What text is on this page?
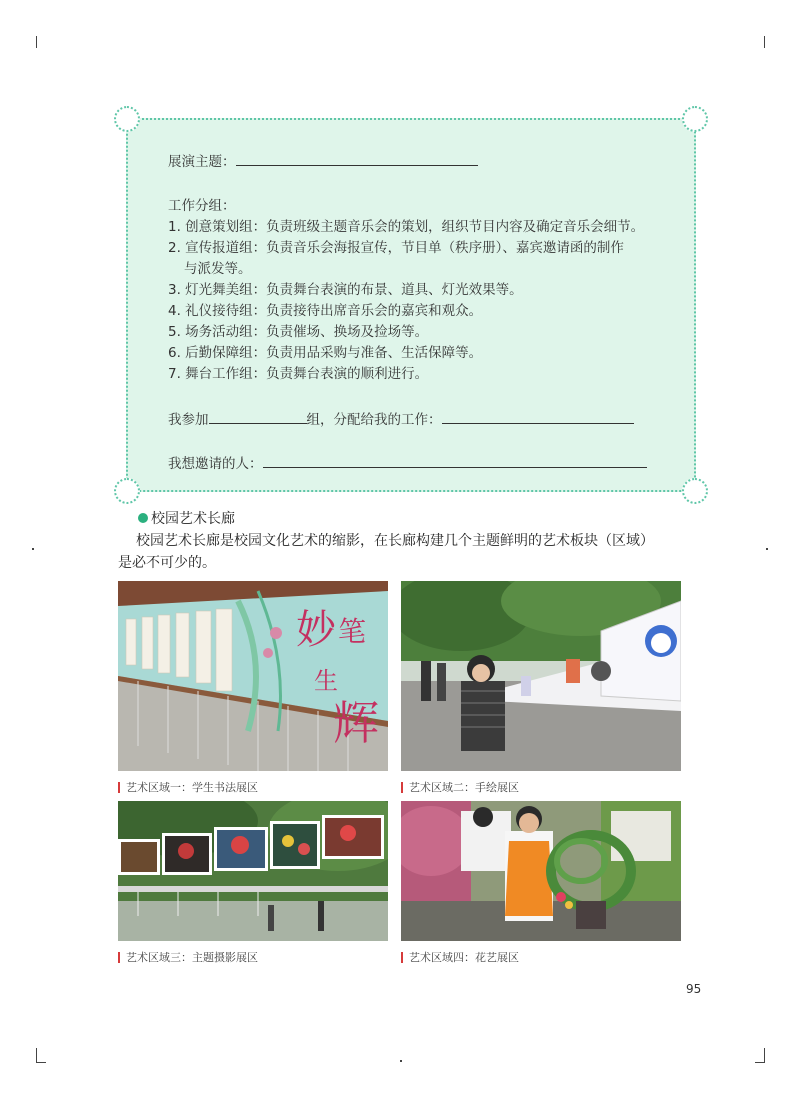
展演主题：
工作分组：
1. 创意策划组：负责班级主题音乐会的策划，组织节目内容及确定音乐会细节。
2. 宣传报道组：负责音乐会海报宣传，节目单（秩序册）、嘉宾邀请函的制作
与派发等。
3. 灯光舞美组：负责舞台表演的布景、道具、灯光效果等。
4. 礼仪接待组：负责接待出席音乐会的嘉宾和观众。
5. 场务活动组：负责催场、换场及捡场等。
6. 后勤保障组：负责用品采购与准备、生活保障等。
7. 舞台工作组：负责舞台表演的顺利进行。
我参加	组，分配给我的工作：
我想邀请的人：
校园艺术长廊
校园艺术长廊是校园文化艺术的缩影，在长廊构建几个主题鲜明的艺术板块（区域）
是必不可少的。
妙 笔
生
辉
艺术区域一：学生书法展区	艺术区域二：手绘展区
艺术区域三：主题摄影展区	艺术区域四：花艺展区
95
